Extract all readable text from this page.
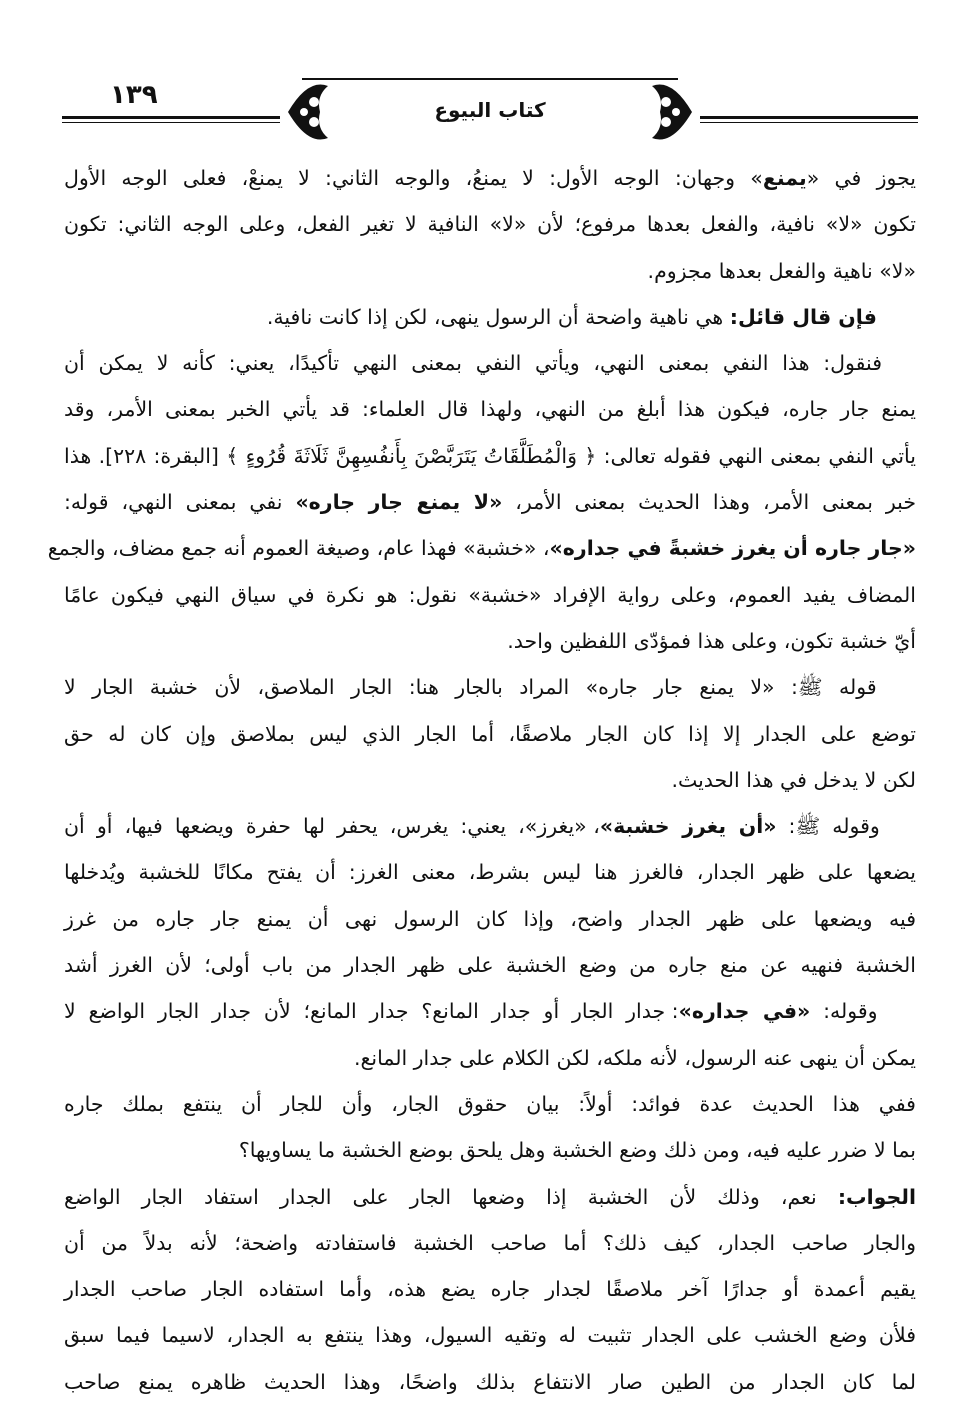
١٣٩	كتاب البيوع
يجوز في «يمنع» وجهان: الوجه الأول: لا يمنعُ، والوجه الثاني: لا يمنعْ، فعلى الوجه الأول
تكون «لا» نافية، والفعل بعدها مرفوع؛ لأن «لا» النافية لا تغير الفعل، وعلى الوجه الثاني: تكون
«لا» ناهية والفعل بعدها مجزوم.
فإن قال قائل: هي ناهية واضحة أن الرسول ينهى، لكن إذا كانت نافية.
فنقول: هذا النفي بمعنى النهي، ويأتي النفي بمعنى النهي تأكيدًا، يعني: كأنه لا يمكن أن
يمنع جار جاره، فيكون هذا أبلغ من النهي، ولهذا قال العلماء: قد يأتي الخبر بمعنى الأمر، وقد
يأتي النفي بمعنى النهي فقوله تعالى: ﴿ وَالْمُطَلَّقَاتُ يَتَرَبَّصْنَ بِأَنفُسِهِنَّ ثَلَاثَةَ قُرُوءٍ ﴾ [البقرة: ٢٢٨]. هذا
خبر بمعنى الأمر، وهذا الحديث بمعنى الأمر، «لا يمنع جار جاره» نفي بمعنى النهي، قوله:
«جار جاره أن يغرز خشبةً في جداره»، «خشبة» فهذا عام، وصيغة العموم أنه جمع مضاف، والجمع
المضاف يفيد العموم، وعلى رواية الإفراد «خشبة» نقول: هو نكرة في سياق النهي فيكون عامًا
أيّ خشبة تكون، وعلى هذا فمؤدّى اللفظين واحد.
قوله ﷺ: «لا يمنع جار جاره» المراد بالجار هنا: الجار الملاصق، لأن خشبة الجار لا
توضع على الجدار إلا إذا كان الجار ملاصقًا، أما الجار الذي ليس بملاصق وإن كان له حق
لكن لا يدخل في هذا الحديث.
وقوله ﷺ: «أن يغرز خشبة»، «يغرز»، يعني: يغرس، يحفر لها حفرة ويضعها فيها، أو أن
يضعها على ظهر الجدار، فالغرز هنا ليس بشرط، معنى الغرز: أن يفتح مكانًا للخشبة ويُدخلها
فيه ويضعها على ظهر الجدار واضح، وإذا كان الرسول نهى أن يمنع جار جاره من غرز
الخشبة فنهيه عن منع جاره من وضع الخشبة على ظهر الجدار من باب أولى؛ لأن الغرز أشد
وقوله: «في جداره»: جدار الجار أو جدار المانع؟ جدار المانع؛ لأن جدار الجار الواضع لا
يمكن أن ينهى عنه الرسول، لأنه ملكه، لكن الكلام على جدار المانع.
ففي هذا الحديث عدة فوائد: أولاً: بيان حقوق الجار، وأن للجار أن ينتفع بملك جاره
بما لا ضرر عليه فيه، ومن ذلك وضع الخشبة وهل يلحق بوضع الخشبة ما يساويها؟
الجواب: نعم، وذلك لأن الخشبة إذا وضعها الجار على الجدار استفاد الجار الواضع
والجار صاحب الجدار، كيف ذلك؟ أما صاحب الخشبة فاستفادته واضحة؛ لأنه بدلاً من أن
يقيم أعمدة أو جدارًا آخر ملاصقًا لجدار جاره يضع هذه، وأما استفاده الجار صاحب الجدار
فلأن وضع الخشب على الجدار تثبيت له وتقيه السيول، وهذا ينتفع به الجدار، لاسيما فيما سبق
لما كان الجدار من الطين صار الانتفاع بذلك واضحًا، وهذا الحديث ظاهره يمنع صاحب
